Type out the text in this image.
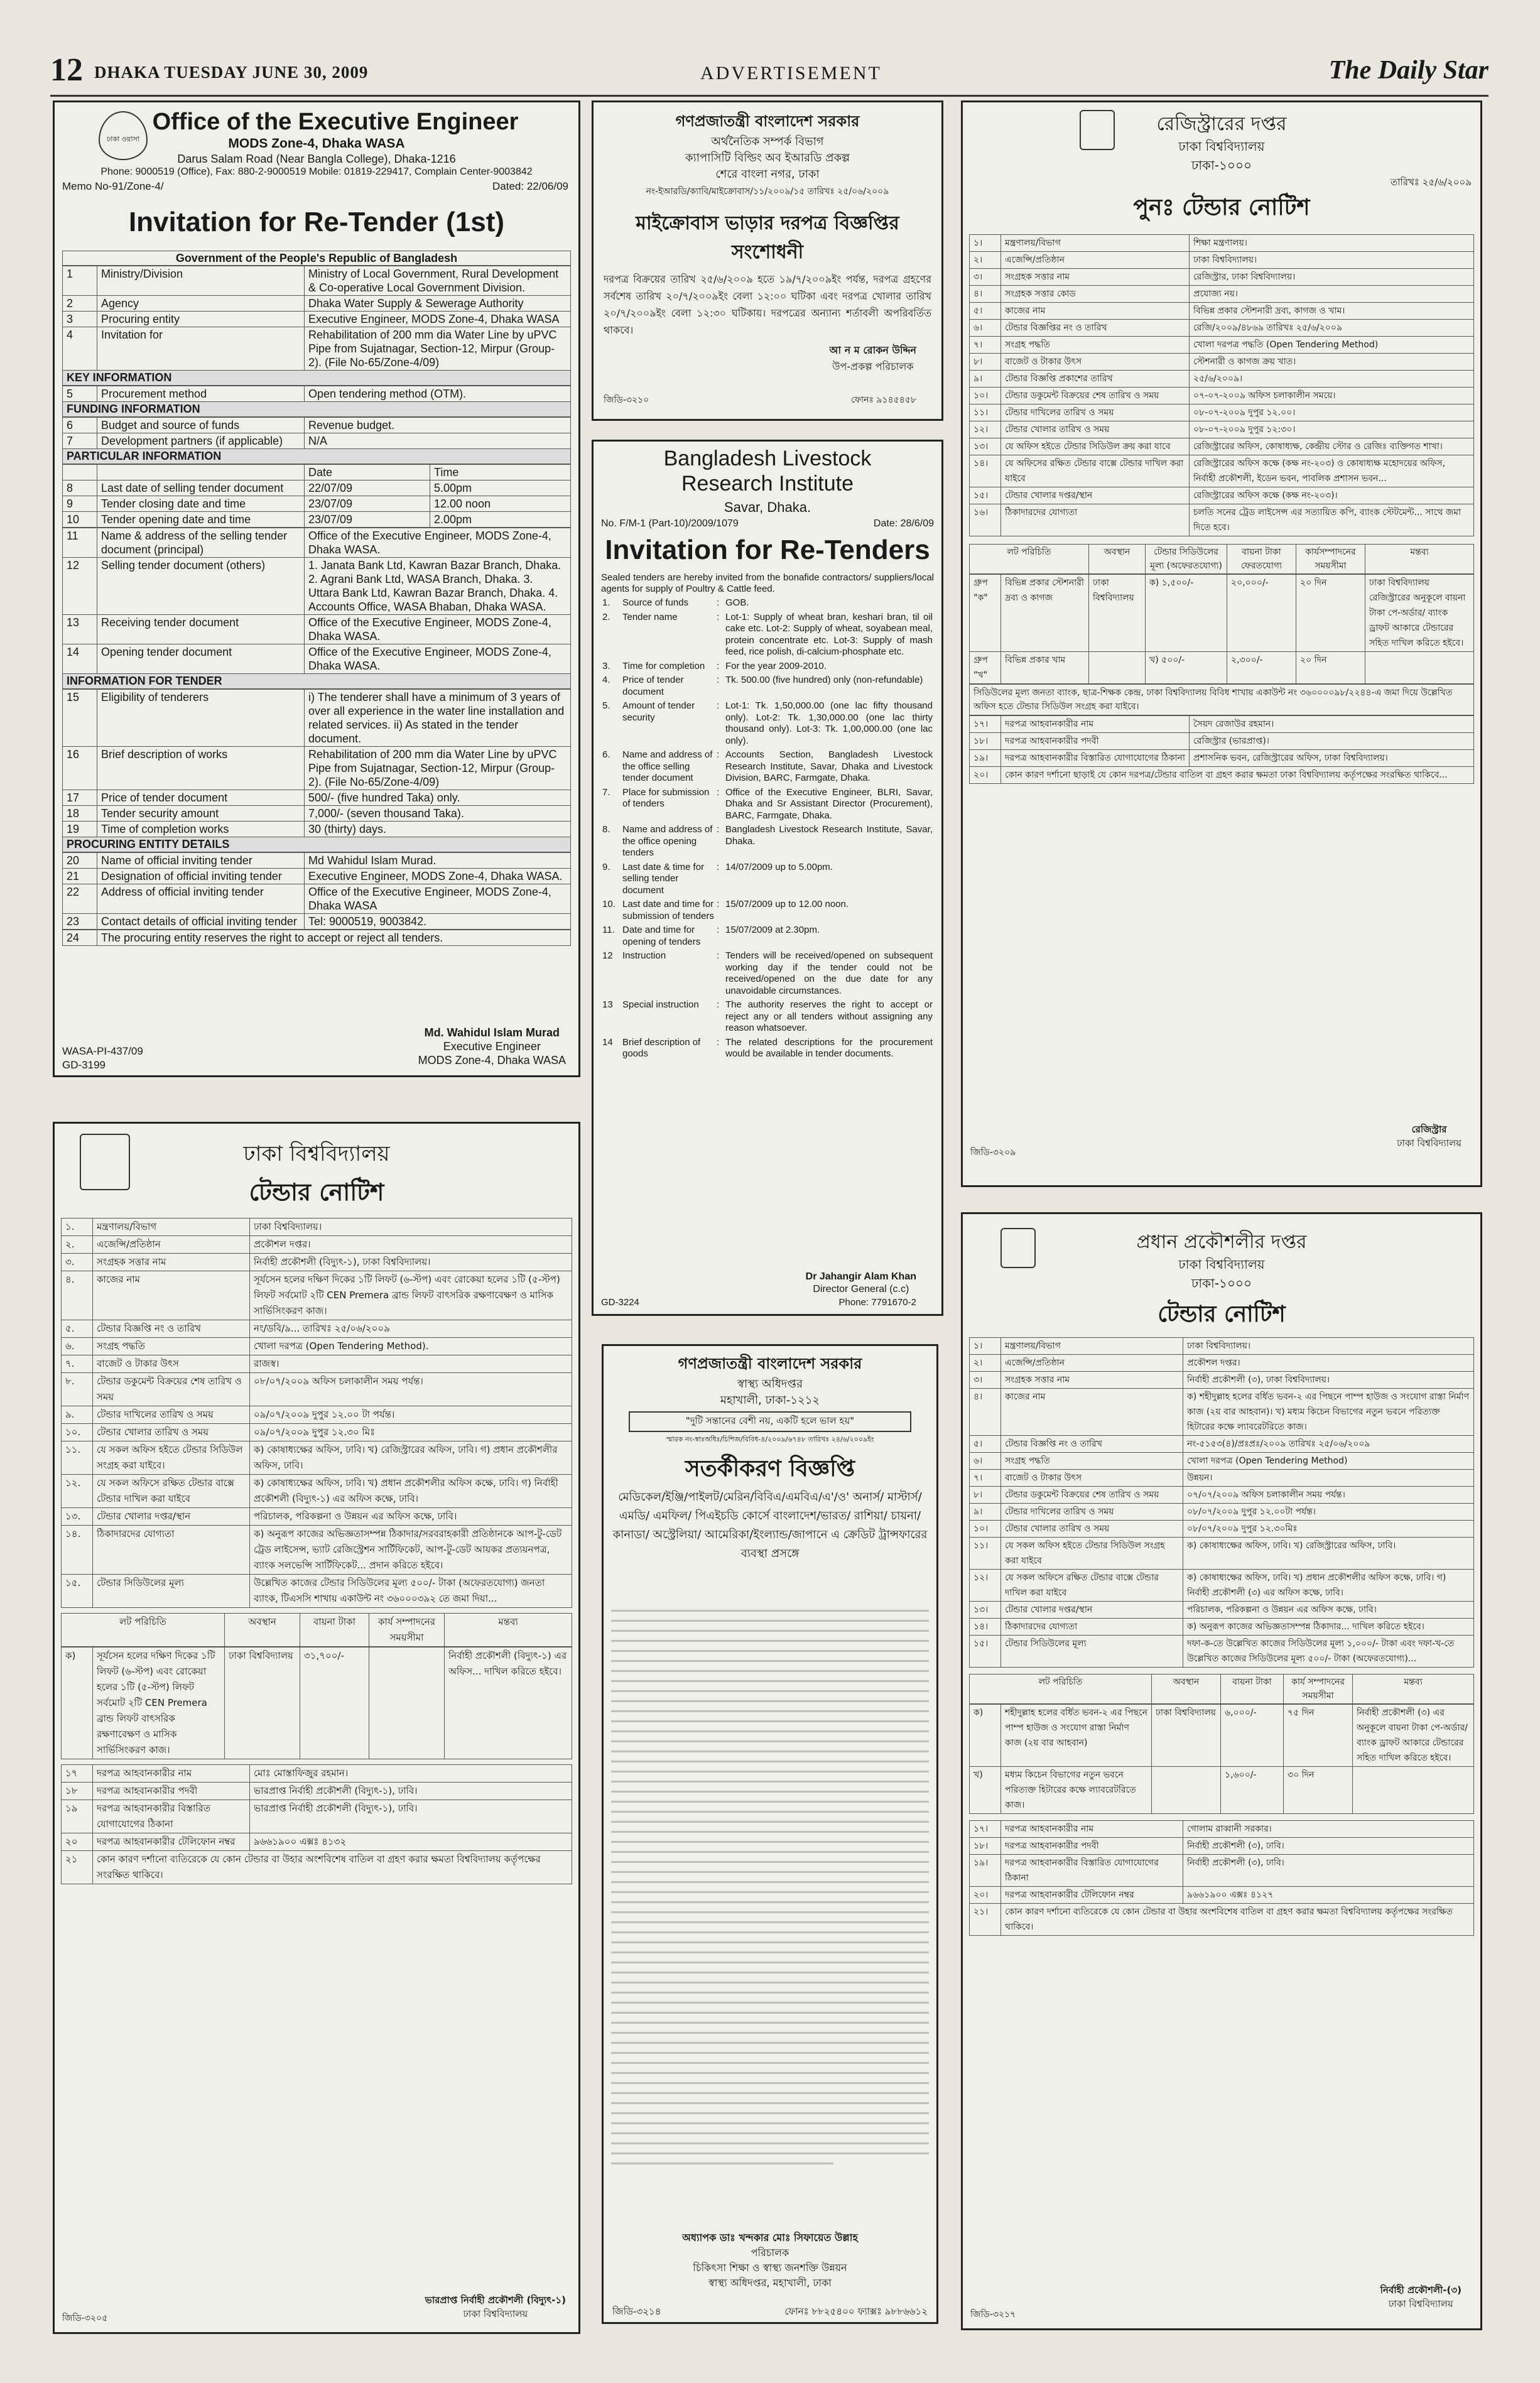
12 DHAKA TUESDAY JUNE 30, 2009	ADVERTISEMENT	The Daily Star
ঢাকা ওয়াসা
Office of the Executive Engineer
MODS Zone-4, Dhaka WASA
Darus Salam Road (Near Bangla College), Dhaka-1216
Phone: 9000519 (Office), Fax: 880-2-9000519 Mobile: 01819-229417, Complain Center-9003842
Memo No-91/Zone-4/	Dated: 22/06/09
Invitation for Re-Tender (1st)
Government of the People's Republic of Bangladesh
1	Ministry/Division	Ministry of Local Government, Rural Development & Co-operative Local Government Division.
2	Agency	Dhaka Water Supply & Sewerage Authority
3	Procuring entity	Executive Engineer, MODS Zone-4, Dhaka WASA
4	Invitation for	Rehabilitation of 200 mm dia Water Line by uPVC Pipe from Sujatnagar, Section-12, Mirpur (Group-2). (File No-65/Zone-4/09)
KEY INFORMATION
5	Procurement method	Open tendering method (OTM).
FUNDING INFORMATION
6	Budget and source of funds	Revenue budget.
7	Development partners (if applicable)	N/A
PARTICULAR INFORMATION
		Date	Time
8	Last date of selling tender document	22/07/09	5.00pm
9	Tender closing date and time	23/07/09	12.00 noon
10	Tender opening date and time	23/07/09	2.00pm
11	Name & address of the selling tender document (principal)	Office of the Executive Engineer, MODS Zone-4, Dhaka WASA.
12	Selling tender document (others)	1. Janata Bank Ltd, Kawran Bazar Branch, Dhaka. 2. Agrani Bank Ltd, WASA Branch, Dhaka. 3. Uttara Bank Ltd, Kawran Bazar Branch, Dhaka. 4. Accounts Office, WASA Bhaban, Dhaka WASA.
13	Receiving tender document	Office of the Executive Engineer, MODS Zone-4, Dhaka WASA.
14	Opening tender document	Office of the Executive Engineer, MODS Zone-4, Dhaka WASA.
INFORMATION FOR TENDER
15	Eligibility of tenderers	i) The tenderer shall have a minimum of 3 years of over all experience in the water line installation and related services. ii) As stated in the tender document.
16	Brief description of works	Rehabilitation of 200 mm dia Water Line by uPVC Pipe from Sujatnagar, Section-12, Mirpur (Group-2). (File No-65/Zone-4/09)
17	Price of tender document	500/- (five hundred Taka) only.
18	Tender security amount	7,000/- (seven thousand Taka).
19	Time of completion works	30 (thirty) days.
PROCURING ENTITY DETAILS
20	Name of official inviting tender	Md Wahidul Islam Murad.
21	Designation of official inviting tender	Executive Engineer, MODS Zone-4, Dhaka WASA.
22	Address of official inviting tender	Office of the Executive Engineer, MODS Zone-4, Dhaka WASA
23	Contact details of official inviting tender	Tel: 9000519, 9003842.
24	The procuring entity reserves the right to accept or reject all tenders.
Md. Wahidul Islam Murad
Executive Engineer
MODS Zone-4, Dhaka WASA
WASA-PI-437/09
GD-3199
গণপ্রজাতন্ত্রী বাংলাদেশ সরকার
অর্থনৈতিক সম্পর্ক বিভাগ
ক্যাপাসিটি বিল্ডিং অব ইআরডি প্রকল্প
শেরে বাংলা নগর, ঢাকা
নং-ইআরডি/ক্যাবি/মাইক্রোবাস/১১/২০০৯/১৫ তারিখঃ ২৫/০৬/২০০৯
মাইক্রোবাস ভাড়ার দরপত্র বিজ্ঞপ্তির
সংশোধনী
দরপত্র বিক্রয়ের তারিখ ২৫/৬/২০০৯ হতে ১৯/৭/২০০৯ইং পর্যন্ত, দরপত্র গ্রহণের সর্বশেষ তারিখ ২০/৭/২০০৯ইং বেলা ১২:০০ ঘটিকা এবং দরপত্র খোলার তারিখ ২০/৭/২০০৯ইং বেলা ১২:৩০ ঘটিকায়। দরপত্রের অন্যান্য শর্তাবলী অপরিবর্তিত থাকবে।
আ ন ম রোকন উদ্দিন
উপ-প্রকল্প পরিচালক
জিডি-৩২১০	ফোনঃ ৯১৪৫৪৫৮
Bangladesh Livestock
Research Institute
Savar, Dhaka.
No. F/M-1 (Part-10)/2009/1079	Date: 28/6/09
Invitation for Re-Tenders
Sealed tenders are hereby invited from the bonafide contractors/ suppliers/local agents for supply of Poultry & Cattle feed.
1.	Source of funds	:	GOB.
2.	Tender name	:	Lot-1: Supply of wheat bran, keshari bran, til oil cake etc. Lot-2: Supply of wheat, soyabean meal, protein concentrate etc. Lot-3: Supply of mash feed, rice polish, di-calcium-phosphate etc.
3.	Time for completion	:	For the year 2009-2010.
4.	Price of tender document	:	Tk. 500.00 (five hundred) only (non-refundable)
5.	Amount of tender security	:	Lot-1: Tk. 1,50,000.00 (one lac fifty thousand only). Lot-2: Tk. 1,30,000.00 (one lac thirty thousand only). Lot-3: Tk. 1,00,000.00 (one lac only).
6.	Name and address of the office selling tender document	:	Accounts Section, Bangladesh Livestock Research Institute, Savar, Dhaka and Livestock Division, BARC, Farmgate, Dhaka.
7.	Place for submission of tenders	:	Office of the Executive Engineer, BLRI, Savar, Dhaka and Sr Assistant Director (Procurement), BARC, Farmgate, Dhaka.
8.	Name and address of the office opening tenders	:	Bangladesh Livestock Research Institute, Savar, Dhaka.
9.	Last date & time for selling tender document	:	14/07/2009 up to 5.00pm.
10.	Last date and time for submission of tenders	:	15/07/2009 up to 12.00 noon.
11.	Date and time for opening of tenders	:	15/07/2009 at 2.30pm.
12	Instruction	:	Tenders will be received/opened on subsequent working day if the tender could not be received/opened on the due date for any unavoidable circumstances.
13	Special instruction	:	The authority reserves the right to accept or reject any or all tenders without assigning any reason whatsoever.
14	Brief description of goods	:	The related descriptions for the procurement would be available in tender documents.
Dr Jahangir Alam Khan
Director General (c.c)
GD-3224	Phone: 7791670-2
গণপ্রজাতন্ত্রী বাংলাদেশ সরকার
স্বাস্থ্য অধিদপ্তর
মহাখালী, ঢাকা-১২১২
"দুটি সন্তানের বেশী নয়, একটি হলে ভাল হয়"
স্মারক নং-স্বাঃঅধিঃ/চিশিজ/বিবিধ-৪/২০০৯/৬৭৪৮ তারিখঃ ২৪/৬/২০০৯ইং
সতর্কীকরণ বিজ্ঞপ্তি
মেডিকেল/ইঞ্জি/পাইলট/মেরিন/বিবিএ/এমবিএ/এ'/ও' অনার্স/ মাস্টার্স/ এমডি/ এমফিল/ পিএইচডি কোর্সে বাংলাদেশ/ভারত/ রাশিয়া/ চায়না/ কানাডা/ অস্ট্রেলিয়া/ আমেরিকা/ইংল্যান্ড/জাপানে এ ক্রেডিট ট্রান্সফারের ব্যবস্থা প্রসঙ্গে
অধ্যাপক ডাঃ খন্দকার মোঃ সিফায়েত উল্লাহ
পরিচালক
চিকিৎসা শিক্ষা ও স্বাস্থ্য জনশক্তি উন্নয়ন
স্বাস্থ্য অধিদপ্তর, মহাখালী, ঢাকা
জিডি-৩২১৪	ফোনঃ ৮৮২৫৪০০ ফ্যাক্সঃ ৯৮৮৬৬১২
ঢাকা বিশ্ববিদ্যালয়
টেন্ডার নোটিশ
১.	মন্ত্রণালয়/বিভাগ	ঢাকা বিশ্ববিদ্যালয়।
২.	এজেন্সি/প্রতিষ্ঠান	প্রকৌশল দপ্তর।
৩.	সংগ্রহক সত্তার নাম	নির্বাহী প্রকৌশলী (বিদ্যুৎ-১), ঢাকা বিশ্ববিদ্যালয়।
৪.	কাজের নাম	সূর্যসেন হলের দক্ষিণ দিকের ১টি লিফট (৬-স্টপ) এবং রোকেয়া হলের ১টি (৫-স্টপ) লিফট সর্বমোট ২টি CEN Premera ব্রান্ড লিফট বাৎসরিক রক্ষণাবেক্ষণ ও মাসিক সার্ভিসিংকরণ কাজ।
৫.	টেন্ডার বিজ্ঞপ্তি নং ও তারিখ	নং/ডবি/৯... তারিখঃ ২৫/০৬/২০০৯
৬.	সংগ্রহ পদ্ধতি	খোলা দরপত্র (Open Tendering Method).
৭.	বাজেট ও টাকার উৎস	রাজস্ব।
৮.	টেন্ডার ডকুমেন্ট বিক্রয়ের শেষ তারিখ ও সময়	০৮/০৭/২০০৯ অফিস চলাকালীন সময় পর্যন্ত।
৯.	টেন্ডার দাখিলের তারিখ ও সময়	০৯/০৭/২০০৯ দুপুর ১২.০০ টা পর্যন্ত।
১০.	টেন্ডার খোলার তারিখ ও সময়	০৯/০৭/২০০৯ দুপুর ১২.৩০ মিঃ
১১.	যে সকল অফিস হইতে টেন্ডার সিডিউল সংগ্রহ করা যাইবে।	ক) কোষাধ্যক্ষের অফিস, ঢাবি। খ) রেজিস্ট্রারের অফিস, ঢাবি। গ) প্রধান প্রকৌশলীর অফিস, ঢাবি।
১২.	যে সকল অফিসে রক্ষিত টেন্ডার বাক্সে টেন্ডার দাখিল করা যাইবে	ক) কোষাধ্যক্ষের অফিস, ঢাবি। খ) প্রধান প্রকৌশলীর অফিস কক্ষে, ঢাবি। গ) নির্বাহী প্রকৌশলী (বিদ্যুৎ-১) এর অফিস কক্ষে, ঢাবি।
১৩.	টেন্ডার খোলার দপ্তর/স্থান	পরিচালক, পরিকল্পনা ও উন্নয়ন এর অফিস কক্ষে, ঢাবি।
১৪.	ঠিকাদারদের যোগ্যতা	ক) অনুরূপ কাজের অভিজ্ঞতাসম্পন্ন ঠিকাদার/সরবরাহকারী প্রতিষ্ঠানকে আপ-টু-ডেট ট্রেড লাইসেন্স, ভ্যাট রেজিস্ট্রেশন সার্টিফিকেট, আপ-টু-ডেট আয়কর প্রত্যয়নপত্র, ব্যাংক সলভেন্সি সার্টিফিকেট... প্রদান করিতে হইবে।
১৫.	টেন্ডার সিডিউলের মূল্য	উল্লেখিত কাজের টেন্ডার সিডিউলের মূল্য ৫০০/- টাকা (অফেরতযোগ্য) জনতা ব্যাংক, টিএসসি শাখায় একাউন্ট নং ৩৬০০০৩৯২ তে জমা দিয়া...
লট পরিচিতি	অবস্থান	বায়না টাকা	কার্য সম্পাদনের সময়সীমা	মন্তব্য
ক)	সূর্যসেন হলের দক্ষিণ দিকের ১টি লিফট (৬-স্টপ) এবং রোকেয়া হলের ১টি (৫-স্টপ) লিফট সর্বমোট ২টি CEN Premera ব্রান্ড লিফট বাৎসরিক রক্ষণাবেক্ষণ ও মাসিক সার্ভিসিংকরণ কাজ।	ঢাকা বিশ্ববিদ্যালয়	৩১,৭০০/-		নির্বাহী প্রকৌশলী (বিদ্যুৎ-১) এর অফিস... দাখিল করিতে হইবে।
১৭	দরপত্র আহবানকারীর নাম	মোঃ মোস্তাফিজুর রহমান।
১৮	দরপত্র আহবানকারীর পদবী	ভারপ্রাপ্ত নির্বাহী প্রকৌশলী (বিদ্যুৎ-১), ঢাবি।
১৯	দরপত্র আহবানকারীর বিস্তারিত যোগাযোগের ঠিকানা	ভারপ্রাপ্ত নির্বাহী প্রকৌশলী (বিদ্যুৎ-১), ঢাবি।
২০	দরপত্র আহবানকারীর টেলিফোন নম্বর	৯৬৬১৯০০ এক্সঃ ৪১৩২
২১	কোন কারণ দর্শানো ব্যতিরেকে যে কোন টেন্ডার বা উহার অংশবিশেষ বাতিল বা গ্রহণ করার ক্ষমতা বিশ্ববিদ্যালয় কর্তৃপক্ষের সংরক্ষিত থাকিবে।	
ভারপ্রাপ্ত নির্বাহী প্রকৌশলী (বিদ্যুৎ-১)
ঢাকা বিশ্ববিদ্যালয়
জিডি-৩২০৫
রেজিস্ট্রারের দপ্তর
ঢাকা বিশ্ববিদ্যালয়
ঢাকা-১০০০
তারিখঃ ২৫/৬/২০০৯
পুনঃ টেন্ডার নোটিশ
১।	মন্ত্রণালয়/বিভাগ	শিক্ষা মন্ত্রণালয়।
২।	এজেন্সি/প্রতিষ্ঠান	ঢাকা বিশ্ববিদ্যালয়।
৩।	সংগ্রহক সত্তার নাম	রেজিস্ট্রার, ঢাকা বিশ্ববিদ্যালয়।
৪।	সংগ্রহক সত্তার কোড	প্রযোজ্য নয়।
৫।	কাজের নাম	বিভিন্ন প্রকার স্টেশনারী দ্রব্য, কাগজ ও খাম।
৬।	টেন্ডার বিজ্ঞপ্তির নং ও তারিখ	রেজি/২০০৯/৪৮৬৯ তারিখঃ ২৫/৬/২০০৯
৭।	সংগ্রহ পদ্ধতি	খোলা দরপত্র পদ্ধতি (Open Tendering Method)
৮।	বাজেট ও টাকার উৎস	স্টেশনারী ও কাগজ ক্রয় খাত।
৯।	টেন্ডার বিজ্ঞপ্তি প্রকাশের তারিখ	২৫/৬/২০০৯।
১০।	টেন্ডার ডকুমেন্ট বিক্রয়ের শেষ তারিখ ও সময়	০৭-০৭-২০০৯ অফিস চলাকালীন সময়ে।
১১।	টেন্ডার দাখিলের তারিখ ও সময়	০৮-০৭-২০০৯ দুপুর ১২.০০।
১২।	টেন্ডার খোলার তারিখ ও সময়	০৮-০৭-২০০৯ দুপুর ১২:৩০।
১৩।	যে অফিস হইতে টেন্ডার সিডিউল ক্রয় করা যাবে	রেজিস্ট্রারের অফিস, কোষাধ্যক্ষ, কেন্দ্রীয় স্টোর ও রেজিঃ ব্যক্তিগত শাখা।
১৪।	যে অফিসের রক্ষিত টেন্ডার বাক্সে টেন্ডার দাখিল করা যাইবে	রেজিস্ট্রারের অফিস কক্ষে (কক্ষ নং-২০৩) ও কোষাধ্যক্ষ মহোদয়ের অফিস, নির্বাহী প্রকৌশলী, ইডেন ভবন, পাবলিক প্রশাসন ভবন...
১৫।	টেন্ডার খোলার দপ্তর/স্থান	রেজিস্ট্রারের অফিস কক্ষে (কক্ষ নং-২০৩)।
১৬।	ঠিকাদারদের যোগ্যতা	চলতি সনের ট্রেড লাইসেন্স এর সত্যায়িত কপি, ব্যাংক স্টেটমেন্ট... সাথে জমা দিতে হবে।
লট পরিচিতি	অবস্থান	টেন্ডার সিডিউলের মূল্য (অফেরতযোগ্য)	বায়না টাকা ফেরতযোগ্য	কার্যসম্পাদনের সময়সীমা	মন্তব্য
গ্রুপ "ক"	বিভিন্ন প্রকার স্টেশনারী দ্রব্য ও কাগজ	ঢাকা বিশ্ববিদ্যালয়	ক) ১,৫০০/-	২০,০০০/-	২০ দিন	ঢাকা বিশ্ববিদ্যালয় রেজিস্ট্রারের অনুকূলে বায়না টাকা পে-অর্ডার/ ব্যাংক ড্রাফট আকারে টেন্ডারের সহিত দাখিল করিতে হইবে।
গ্রুপ "খ"	বিভিন্ন প্রকার খাম		খ) ৫০০/-	২,৩০০/-	২০ দিন	
সিডিউলের মূল্য জনতা ব্যাংক, ছাত্র-শিক্ষক কেন্দ্র, ঢাকা বিশ্ববিদ্যালয় বিবিধ শাখায় একাউন্ট নং ৩৬০০০০৯৮/২২৪৪-এ জমা দিয়ে উল্লেখিত অফিস হতে টেন্ডার সিডিউল সংগ্রহ করা যাইবে।
১৭।	দরপত্র আহবানকারীর নাম	সৈয়দ রেজাউর রহমান।
১৮।	দরপত্র আহবানকারীর পদবী	রেজিস্ট্রার (ভারপ্রাপ্ত)।
১৯।	দরপত্র আহবানকারীর বিস্তারিত যোগাযোগের ঠিকানা	প্রশাসনিক ভবন, রেজিস্ট্রারের অফিস, ঢাকা বিশ্ববিদ্যালয়।
২০।	কোন কারণ দর্শানো ছাড়াই যে কোন দরপত্র/টেন্ডার বাতিল বা গ্রহণ করার ক্ষমতা ঢাকা বিশ্ববিদ্যালয় কর্তৃপক্ষের সংরক্ষিত থাকিবে...	
রেজিস্ট্রার
ঢাকা বিশ্ববিদ্যালয়
জিডি-৩২০৯
প্রধান প্রকৌশলীর দপ্তর
ঢাকা বিশ্ববিদ্যালয়
ঢাকা-১০০০
টেন্ডার নোটিশ
১।	মন্ত্রণালয়/বিভাগ	ঢাকা বিশ্ববিদ্যালয়।
২।	এজেন্সি/প্রতিষ্ঠান	প্রকৌশল দপ্তর।
৩।	সংগ্রহক সত্তার নাম	নির্বাহী প্রকৌশলী (৩), ঢাকা বিশ্ববিদ্যালয়।
৪।	কাজের নাম	ক) শহীদুল্লাহ হলের বর্ধিত ভবন-২ এর পিছনে পাম্প হাউজ ও সংযোগ রাস্তা নির্মাণ কাজ (২য় বার আহবান)। খ) মধ্যম কিচেন বিভাগের নতুন ভবনে পরিত্যক্ত হিটারের কক্ষে ল্যাবরেটরিতে কাজ।
৫।	টেন্ডার বিজ্ঞপ্তি নং ও তারিখ	নং-৫১৫৩(৪)/প্রঃপ্রঃ/২০০৯ তারিখঃ ২৫/০৬/২০০৯
৬।	সংগ্রহ পদ্ধতি	খোলা দরপত্র (Open Tendering Method)
৭।	বাজেট ও টাকার উৎস	উন্নয়ন।
৮।	টেন্ডার ডকুমেন্ট বিক্রয়ের শেষ তারিখ ও সময়	০৭/০৭/২০০৯ অফিস চলাকালীন সময় পর্যন্ত।
৯।	টেন্ডার দাখিলের তারিখ ও সময়	০৮/০৭/২০০৯ দুপুর ১২.০০টা পর্যন্ত।
১০।	টেন্ডার খোলার তারিখ ও সময়	০৮/০৭/২০০৯ দুপুর ১২.৩০মিঃ
১১।	যে সকল অফিস হইতে টেন্ডার সিডিউল সংগ্রহ করা যাইবে	ক) কোষাধ্যক্ষের অফিস, ঢাবি। খ) রেজিস্ট্রারের অফিস, ঢাবি।
১২।	যে সকল অফিসে রক্ষিত টেন্ডার বাক্সে টেন্ডার দাখিল করা যাইবে	ক) কোষাধ্যক্ষের অফিস, ঢাবি। খ) প্রধান প্রকৌশলীর অফিস কক্ষে, ঢাবি। গ) নির্বাহী প্রকৌশলী (৩) এর অফিস কক্ষে, ঢাবি।
১৩।	টেন্ডার খোলার দপ্তর/স্থান	পরিচালক, পরিকল্পনা ও উন্নয়ন এর অফিস কক্ষে, ঢাবি।
১৪।	ঠিকাদারদের যোগ্যতা	ক) অনুরূপ কাজের অভিজ্ঞতাসম্পন্ন ঠিকাদার... দাখিল করিতে হইবে।
১৫।	টেন্ডার সিডিউলের মূল্য	দফা-ক-তে উল্লেখিত কাজের সিডিউলের মূল্য ১,০০০/- টাকা এবং দফা-খ-তে উল্লেখিত কাজের সিডিউলের মূল্য ৫০০/- টাকা (অফেরতযোগ্য)...
লট পরিচিতি	অবস্থান	বায়না টাকা	কার্য সম্পাদনের সময়সীমা	মন্তব্য
ক)	শহীদুল্লাহ হলের বর্ধিত ভবন-২ এর পিছনে পাম্প হাউজ ও সংযোগ রাস্তা নির্মাণ কাজ (২য় বার আহবান)	ঢাকা বিশ্ববিদ্যালয়	৬,০০০/-	৭৫ দিন	নির্বাহী প্রকৌশলী (৩) এর অনুকূলে বায়না টাকা পে-অর্ডার/ ব্যাংক ড্রাফট আকারে টেন্ডারের সহিত দাখিল করিতে হইবে।
খ)	মধ্যম কিচেন বিভাগের নতুন ভবনে পরিত্যক্ত হিটারের কক্ষে ল্যাবরেটরিতে কাজ।		১,৬০০/-	৩০ দিন	
১৭।	দরপত্র আহবানকারীর নাম	গোলাম রাব্বানী সরকার।
১৮।	দরপত্র আহবানকারীর পদবী	নির্বাহী প্রকৌশলী (৩), ঢাবি।
১৯।	দরপত্র আহবানকারীর বিস্তারিত যোগাযোগের ঠিকানা	নির্বাহী প্রকৌশলী (৩), ঢাবি।
২০।	দরপত্র আহবানকারীর টেলিফোন নম্বর	৯৬৬১৯০০ এক্সঃ ৪১২৭
২১।	কোন কারণ দর্শানো ব্যতিরেকে যে কোন টেন্ডার বা উহার অংশবিশেষ বাতিল বা গ্রহণ করার ক্ষমতা বিশ্ববিদ্যালয় কর্তৃপক্ষের সংরক্ষিত থাকিবে।	
নির্বাহী প্রকৌশলী-(৩)
ঢাকা বিশ্ববিদ্যালয়
জিডি-৩২১৭
